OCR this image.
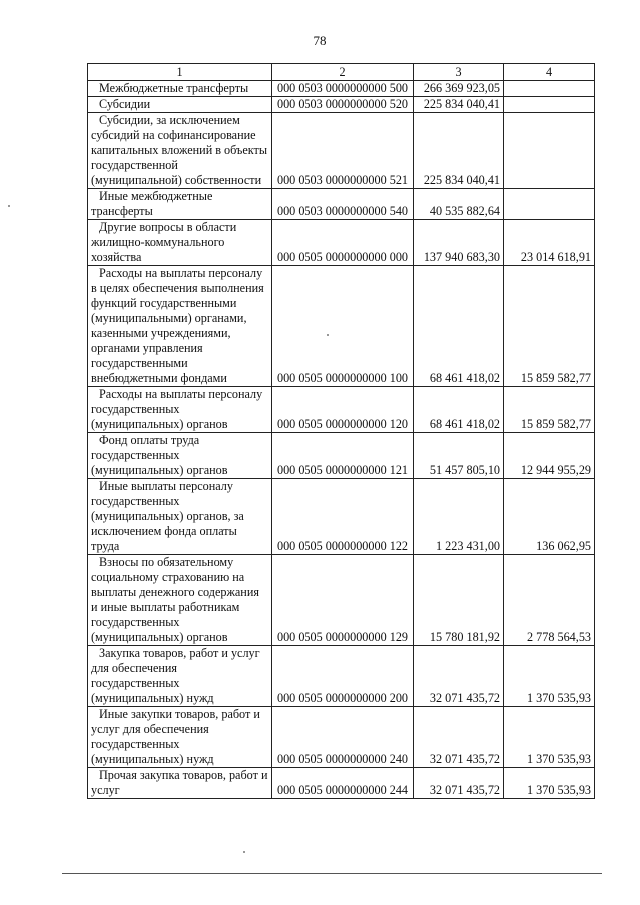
78
1	2	3	4
Межбюджетные трансферты	000 0503 0000000000 500	266 369 923,05	
Субсидии	000 0503 0000000000 520	225 834 040,41	
Субсидии, за исключением субсидий на софинансирование капитальных вложений в объекты государственной (муниципальной) собственности	000 0503 0000000000 521	225 834 040,41	
Иные межбюджетные трансферты	000 0503 0000000000 540	40 535 882,64	
Другие вопросы в области жилищно-коммунального хозяйства	000 0505 0000000000 000	137 940 683,30	23 014 618,91
Расходы на выплаты персоналу в целях обеспечения выполнения функций государственными (муниципальными) органами, казенными учреждениями, органами управления государственными внебюджетными фондами	000 0505 0000000000 100	68 461 418,02	15 859 582,77
Расходы на выплаты персоналу государственных (муниципальных) органов	000 0505 0000000000 120	68 461 418,02	15 859 582,77
Фонд оплаты труда государственных (муниципальных) органов	000 0505 0000000000 121	51 457 805,10	12 944 955,29
Иные выплаты персоналу государственных (муниципальных) органов, за исключением фонда оплаты труда	000 0505 0000000000 122	1 223 431,00	136 062,95
Взносы по обязательному социальному страхованию на выплаты денежного содержания и иные выплаты работникам государственных (муниципальных) органов	000 0505 0000000000 129	15 780 181,92	2 778 564,53
Закупка товаров, работ и услуг для обеспечения государственных (муниципальных) нужд	000 0505 0000000000 200	32 071 435,72	1 370 535,93
Иные закупки товаров, работ и услуг для обеспечения государственных (муниципальных) нужд	000 0505 0000000000 240	32 071 435,72	1 370 535,93
Прочая закупка товаров, работ и услуг	000 0505 0000000000 244	32 071 435,72	1 370 535,93
